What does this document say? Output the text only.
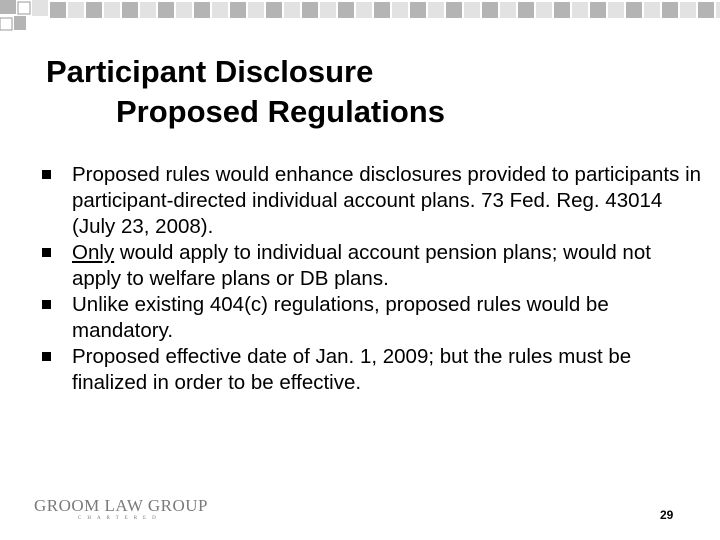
Participant Disclosure
Proposed Regulations
Proposed rules would enhance disclosures provided to participants in participant-directed individual account plans. 73 Fed. Reg. 43014 (July 23, 2008).
Only would apply to individual account pension plans; would not apply to welfare plans or DB plans.
Unlike existing 404(c) regulations, proposed rules would be mandatory.
Proposed effective date of Jan. 1, 2009; but the rules must be finalized in order to be effective.
GROOM LAW GROUP
CHARTERED	29
